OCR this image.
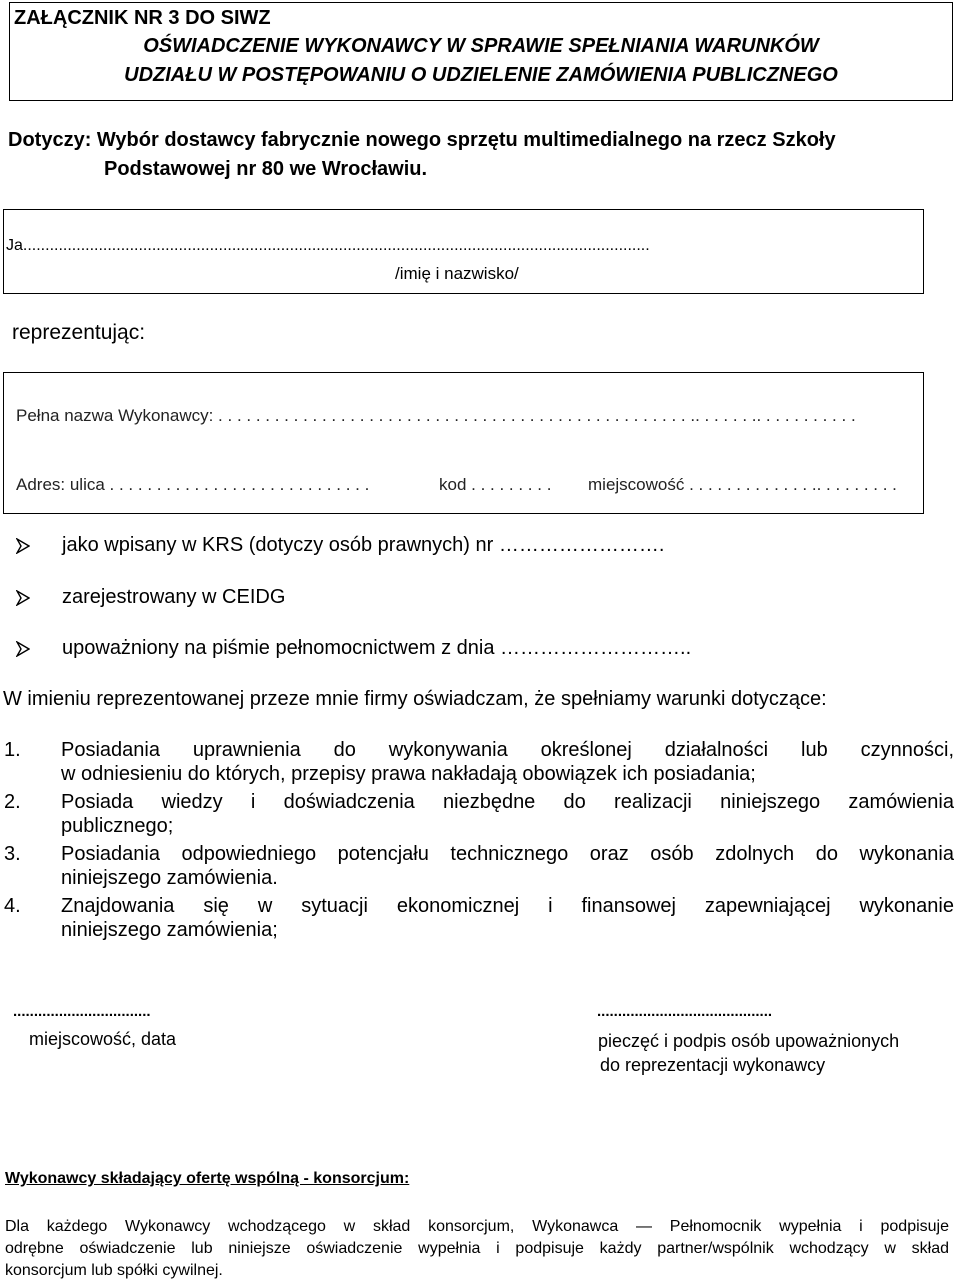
ZAŁĄCZNIK NR 3 DO SIWZ
OŚWIADCZENIE WYKONAWCY W SPRAWIE SPEŁNIANIA WARUNKÓW
UDZIAŁU W POSTĘPOWANIU O UDZIELENIE ZAMÓWIENIA PUBLICZNEGO
Dotyczy: Wybór dostawcy fabrycznie nowego sprzętu multimedialnego na rzecz Szkoły
Podstawowej nr 80 we Wrocławiu.
Ja.............................................................................................................................................
/imię i nazwisko/
reprezentując:
Pełna nazwa Wykonawcy: . . . . . . . . . . . . . . . . . . . . . . . . . . . . . . . . . . . . . . . . . . . . . . . . . . .. . . . . . .. . . . . . . . . . .
Adres: ulica . . . . . . . . . . . . . . . . . . . . . . . . . . . .	kod . . . . . . . . . miejscowość . . . . . . . . . . . . . .. . . . . . . . .
jako wpisany w KRS (dotyczy osób prawnych) nr …………………….
zarejestrowany w CEIDG
upoważniony na piśmie pełnomocnictwem z dnia ………………………..
W imieniu reprezentowanej przeze mnie firmy oświadczam, że spełniamy warunki dotyczące:
1.	Posiadania uprawnienia do wykonywania określonej działalności lub czynności,
w odniesieniu do których, przepisy prawa nakładają obowiązek ich posiadania;
2.	Posiada wiedzy i doświadczenia niezbędne do realizacji niniejszego zamówienia
publicznego;
3.	Posiadania odpowiedniego potencjału technicznego oraz osób zdolnych do wykonania
niniejszego zamówienia.
4.	Znajdowania się w sytuacji ekonomicznej i finansowej zapewniającej wykonanie
niniejszego zamówienia;
.................................
miejscowość, data
..........................................
pieczęć i podpis osób upoważnionych
do reprezentacji wykonawcy
Wykonawcy składający ofertę wspólną - konsorcjum:
Dla każdego Wykonawcy wchodzącego w skład konsorcjum, Wykonawca — Pełnomocnik wypełnia i podpisuje
odrębne oświadczenie lub niniejsze oświadczenie wypełnia i podpisuje każdy partner/wspólnik wchodzący w skład
konsorcjum lub spółki cywilnej.
